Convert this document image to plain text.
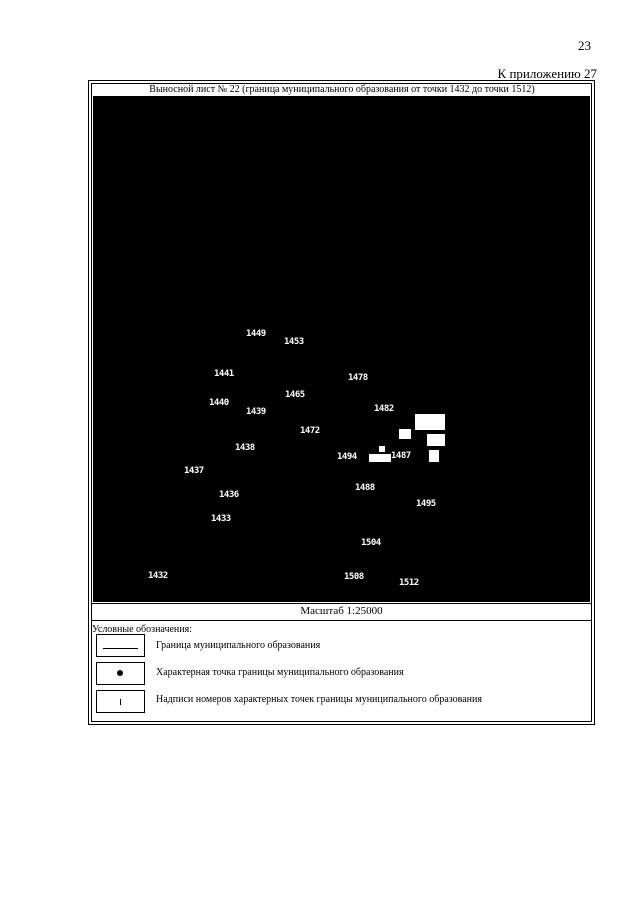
23
К приложению 27
Выносной лист № 22 (граница муниципального образования от точки 1432 до точки 1512)
1449
1453
1441	1478
1440
1465
1439	1482
1472
1438
1494	1487
1437
1436
1488
1495
1433
1504
1432	1508
1512
Масштаб 1:25000
Условные обозначения:
Граница муниципального образования
Характерная точка границы муниципального образования
Надписи номеров характерных точек границы муниципального образования
